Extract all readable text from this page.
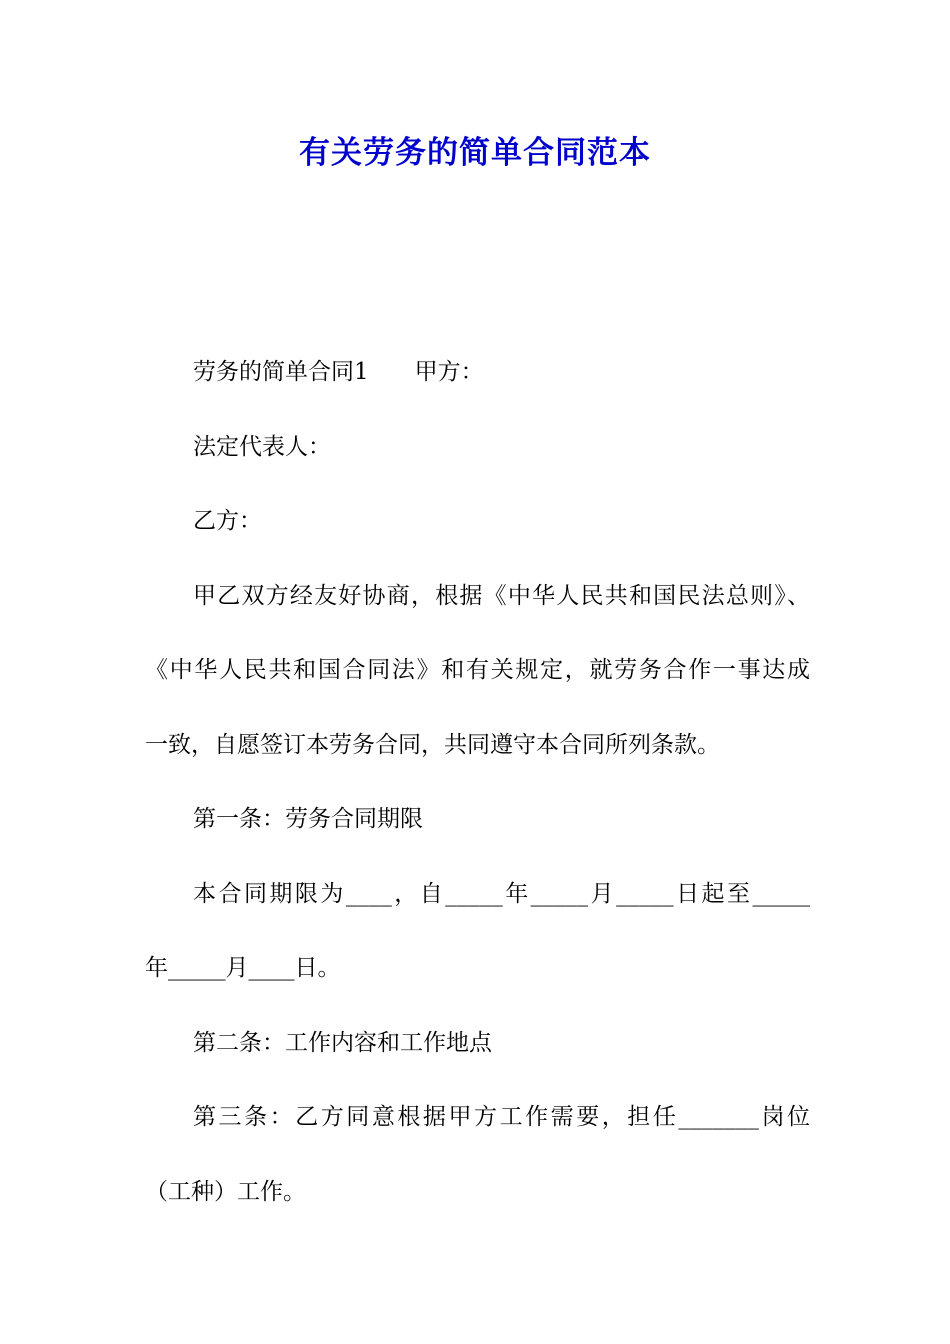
有关劳务的简单合同范本

劳务的简单合同1 甲方：

法定代表人：

乙方：

甲乙双方经友好协商，根据《中华人民共和国民法总则》、

《中华人民共和国合同法》和有关规定，就劳务合作一事达成

一致，自愿签订本劳务合同，共同遵守本合同所列条款。

第一条：劳务合同期限

本合同期限为____，自_____年_____月_____日起至_____

年_____月____日。

第二条：工作内容和工作地点

第三条：乙方同意根据甲方工作需要，担任_______岗位

（工种）工作。
